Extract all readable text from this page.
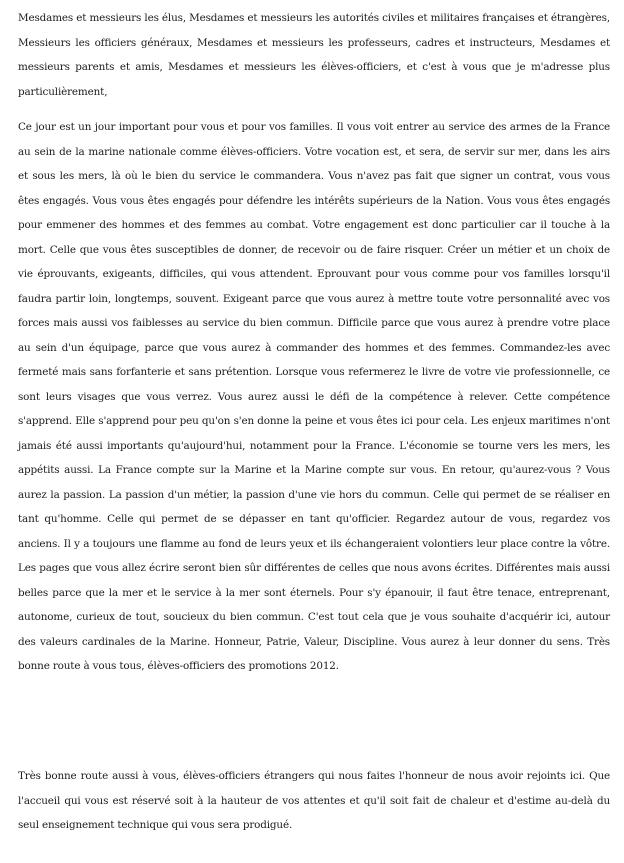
Mesdames et messieurs les élus, Mesdames et messieurs les autorités civiles et militaires françaises et étrangères, Messieurs les officiers généraux, Mesdames et messieurs les professeurs, cadres et instructeurs, Mesdames et messieurs parents et amis, Mesdames et messieurs les élèves-officiers, et c'est à vous que je m'adresse plus particulièrement,

Ce jour est un jour important pour vous et pour vos familles. Il vous voit entrer au service des armes de la France au sein de la marine nationale comme élèves-officiers. Votre vocation est, et sera, de servir sur mer, dans les airs et sous les mers, là où le bien du service le commandera. Vous n'avez pas fait que signer un contrat, vous vous êtes engagés. Vous vous êtes engagés pour défendre les intérêts supérieurs de la Nation. Vous vous êtes engagés pour emmener des hommes et des femmes au combat. Votre engagement est donc particulier car il touche à la mort. Celle que vous êtes susceptibles de donner, de recevoir ou de faire risquer. Créer un métier et un choix de vie éprouvants, exigeants, difficiles, qui vous attendent. Eprouvant pour vous comme pour vos familles lorsqu'il faudra partir loin, longtemps, souvent. Exigeant parce que vous aurez à mettre toute votre personnalité avec vos forces mais aussi vos faiblesses au service du bien commun. Difficile parce que vous aurez à prendre votre place au sein d'un équipage, parce que vous aurez à commander des hommes et des femmes. Commandez-les avec fermeté mais sans forfanterie et sans prétention. Lorsque vous refermerez le livre de votre vie professionnelle, ce sont leurs visages que vous verrez. Vous aurez aussi le défi de la compétence à relever. Cette compétence s'apprend. Elle s'apprend pour peu qu'on s'en donne la peine et vous êtes ici pour cela. Les enjeux maritimes n'ont jamais été aussi importants qu'aujourd'hui, notamment pour la France. L'économie se tourne vers les mers, les appétits aussi. La France compte sur la Marine et la Marine compte sur vous. En retour, qu'aurez-vous ? Vous aurez la passion. La passion d'un métier, la passion d'une vie hors du commun. Celle qui permet de se réaliser en tant qu'homme. Celle qui permet de se dépasser en tant qu'officier. Regardez autour de vous, regardez vos anciens. Il y a toujours une flamme au fond de leurs yeux et ils échangeraient volontiers leur place contre la vôtre. Les pages que vous allez écrire seront bien sûr différentes de celles que nous avons écrites. Différentes mais aussi belles parce que la mer et le service à la mer sont éternels. Pour s'y épanouir, il faut être tenace, entreprenant, autonome, curieux de tout, soucieux du bien commun. C'est tout cela que je vous souhaite d'acquérir ici, autour des valeurs cardinales de la Marine. Honneur, Patrie, Valeur, Discipline. Vous aurez à leur donner du sens. Très bonne route à vous tous, élèves-officiers des promotions 2012.

Très bonne route aussi à vous, élèves-officiers étrangers qui nous faites l'honneur de nous avoir rejoints ici. Que l'accueil qui vous est réservé soit à la hauteur de vos attentes et qu'il soit fait de chaleur et d'estime au-delà du seul enseignement technique qui vous sera prodigué.
